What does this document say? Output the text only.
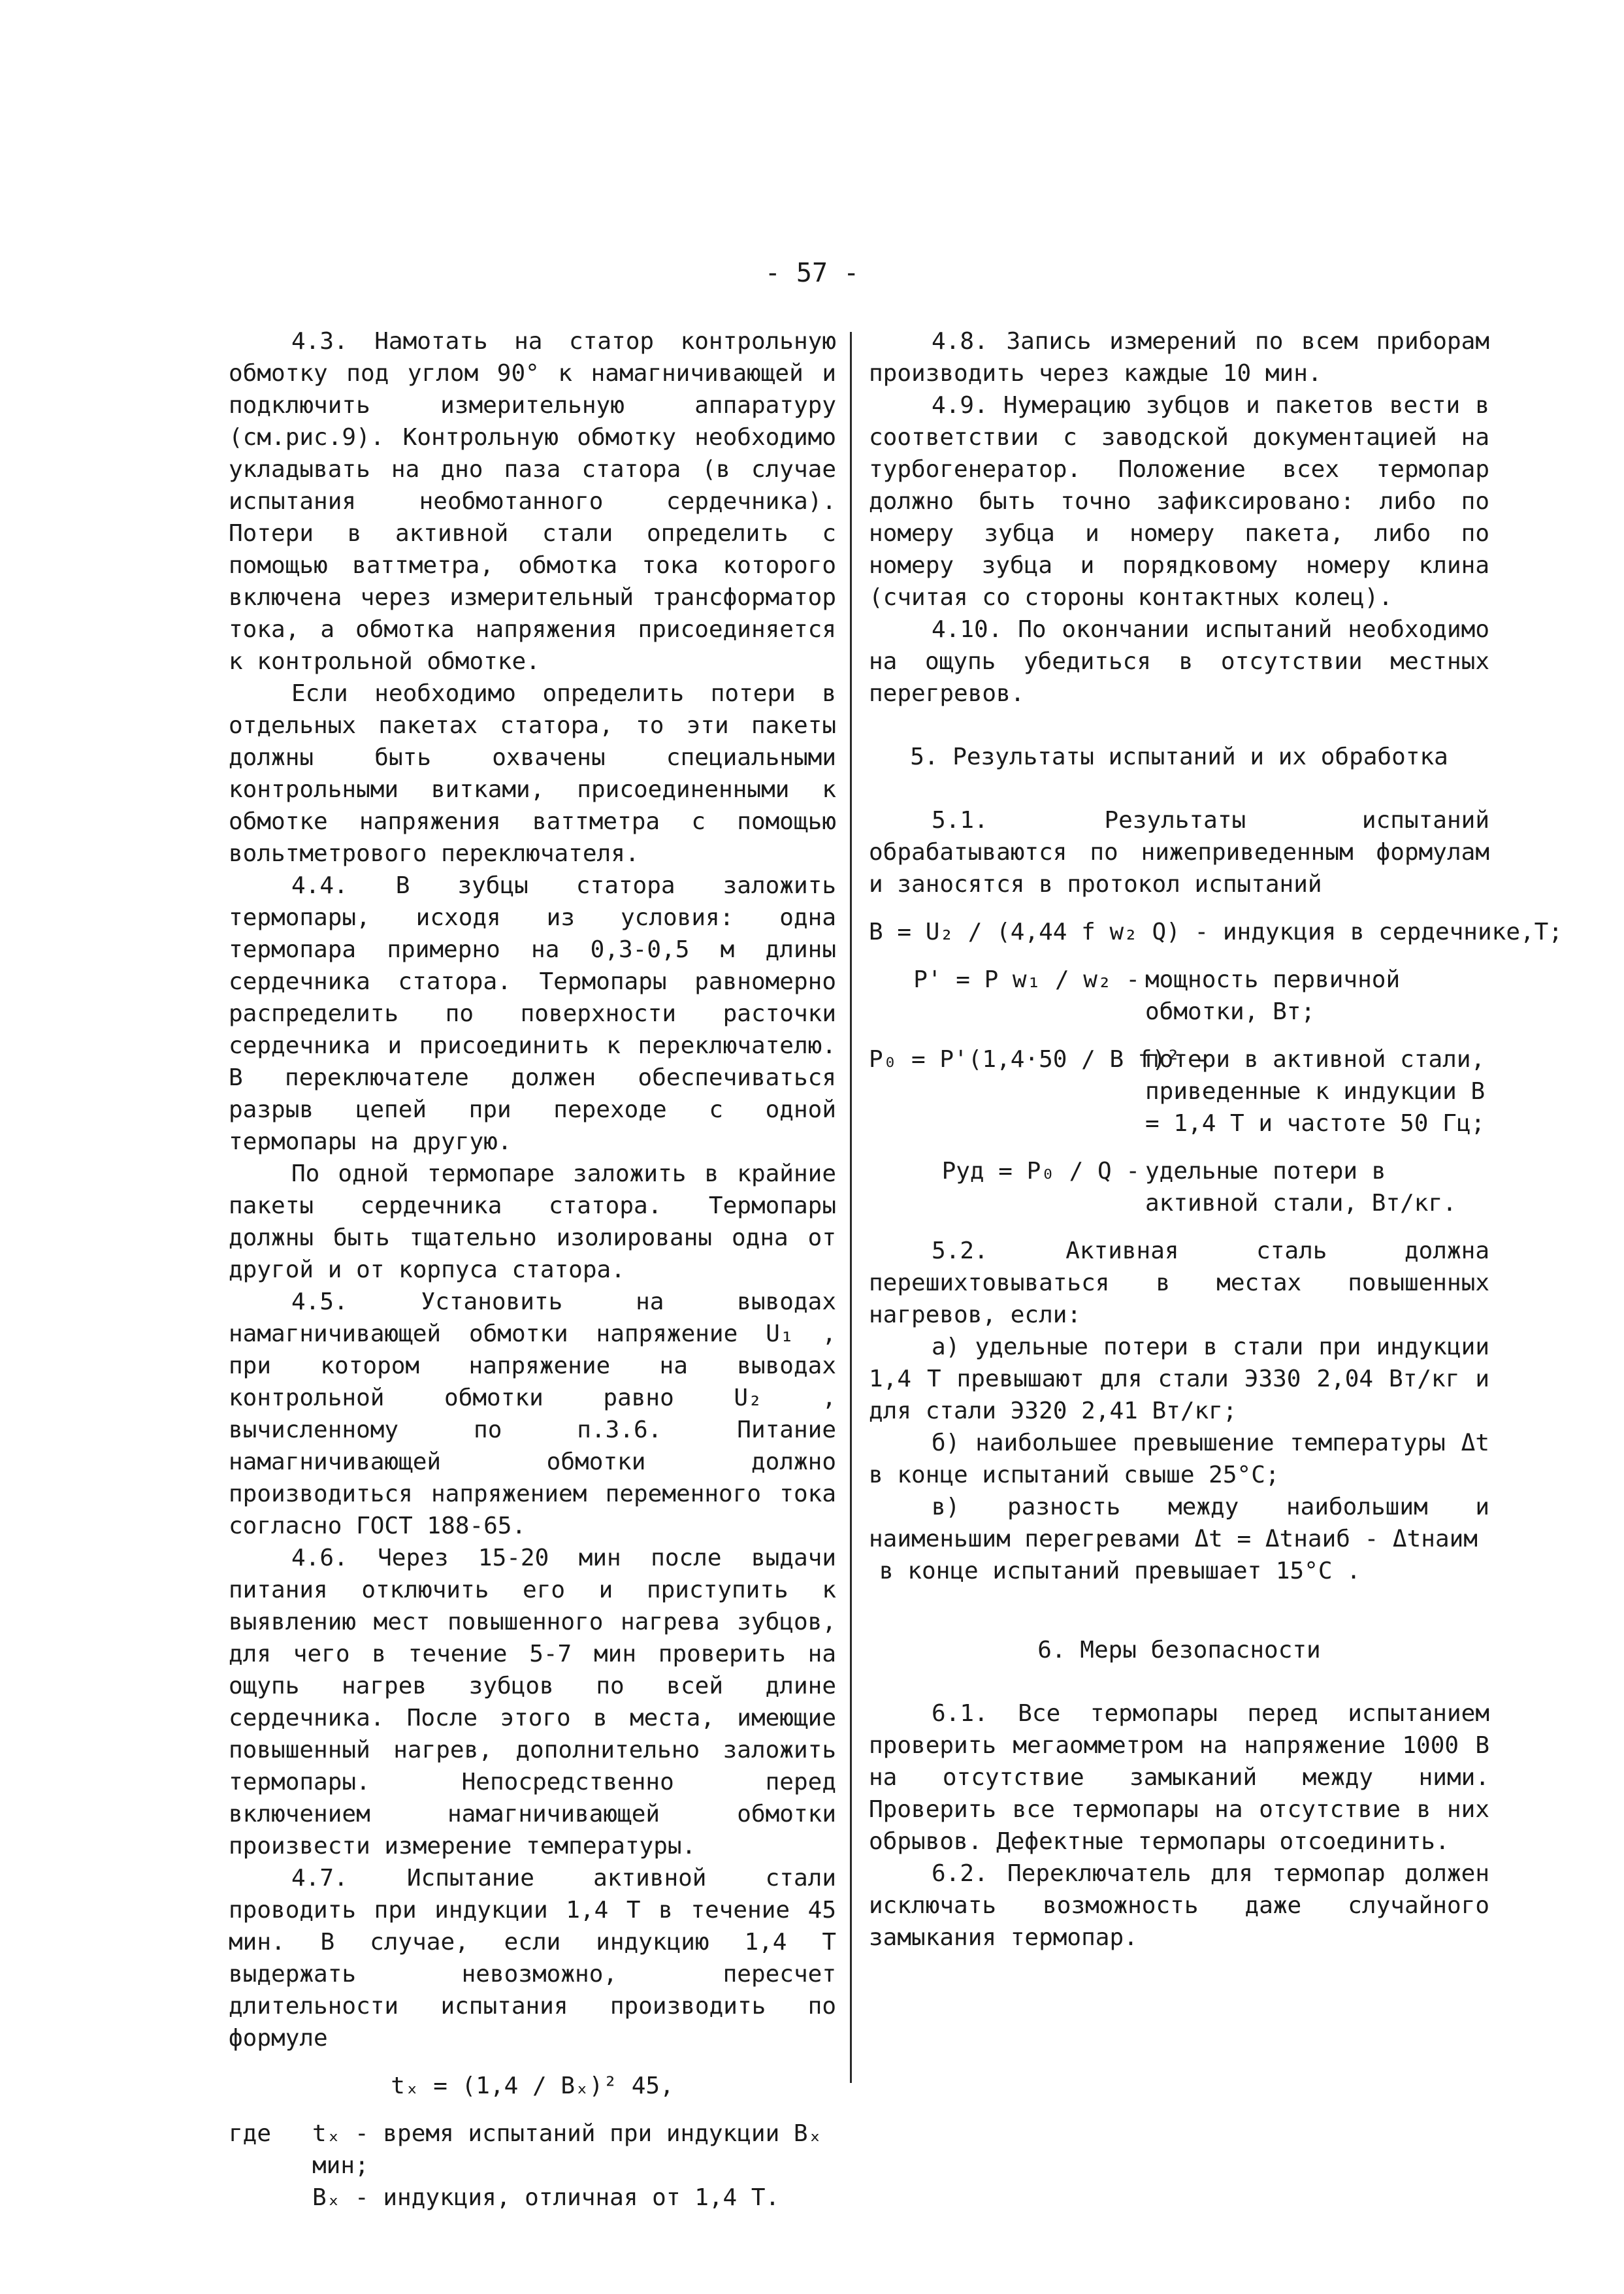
- 57 -

4.3. Намотать на статор контрольную обмотку под углом 90° к намагничивающей и подключить измерительную аппаратуру (см.рис.9). Контрольную обмотку необходимо укладывать на дно паза статора (в случае испытания необмотанного сердечника). Потери в активной стали определить с помощью ваттметра, обмотка тока которого включена через измерительный трансформатор тока, а обмотка напряжения присоединяется к контрольной обмотке.

Если необходимо определить потери в отдельных пакетах статора, то эти пакеты должны быть охвачены специальными контрольными витками, присоединенными к обмотке напряжения ваттметра с помощью вольтметрового переключателя.

4.4. В зубцы статора заложить термопары, исходя из условия: одна термопара примерно на 0,3-0,5 м длины сердечника статора. Термопары равномерно распределить по поверхности расточки сердечника и присоединить к переключателю. В переключателе должен обеспечиваться разрыв цепей при переходе с одной термопары на другую.

По одной термопаре заложить в крайние пакеты сердечника статора. Термопары должны быть тщательно изолированы одна от другой и от корпуса статора.

4.5. Установить на выводах намагничивающей обмотки напряжение U₁ , при котором напряжение на выводах контрольной обмотки равно U₂ , вычисленному по п.3.6. Питание намагничивающей обмотки должно производиться напряжением переменного тока согласно ГОСТ 188-65.

4.6. Через 15-20 мин после выдачи питания отключить его и приступить к выявлению мест повышенного нагрева зубцов, для чего в течение 5-7 мин проверить на ощупь нагрев зубцов по всей длине сердечника. После этого в места, имеющие повышенный нагрев, дополнительно заложить термопары. Непосредственно перед включением намагничивающей обмотки произвести измерение температуры.

4.7. Испытание активной стали проводить при индукции 1,4 Т в течение 45 мин. В случае, если индукцию 1,4 Т выдержать невозможно, пересчет длительности испытания производить по формуле

tₓ = (1,4 / Bₓ)² 45,

где	tₓ - время испытаний при индукции Bₓ мин;
Bₓ - индукция, отличная от 1,4 Т.

4.8. Запись измерений по всем приборам производить через каждые 10 мин.

4.9. Нумерацию зубцов и пакетов вести в соответствии с заводской документацией на турбогенератор. Положение всех термопар должно быть точно зафиксировано: либо по номеру зубца и номеру пакета, либо по номеру зубца и порядковому номеру клина (считая со стороны контактных колец).

4.10. По окончании испытаний необходимо на ощупь убедиться в отсутствии местных перегревов.

5. Результаты испытаний и их обработка

5.1. Результаты испытаний обрабатываются по нижеприведенным формулам и заносятся в протокол испытаний

B = U₂ / (4,44 f w₂ Q) - индукция в сердечнике,Т;

P' = P w₁ / w₂ - мощность первичной обмотки, Вт;
P₀ = P'(1,4·50 / B f)² -
потери в активной стали, приведенные к индукции B = 1,4 Т и частоте 50 Гц;
Pуд = P₀ / Q - удельные потери в активной стали, Вт/кг.

5.2. Активная сталь должна перешихтовываться в местах повышенных нагревов, если:

а) удельные потери в стали при индукции 1,4 Т превышают для стали Э330 2,04 Вт/кг и для стали Э320 2,41 Вт/кг;

б) наибольшее превышение температуры Δt в конце испытаний свыше 25°С;

в) разность между наибольшим и наименьшим перегревами Δt = Δtнаиб - Δtнаим

в конце испытаний превышает 15°С .

6. Меры безопасности

6.1. Все термопары перед испытанием проверить мегаомметром на напряжение 1000 В на отсутствие замыканий между ними. Проверить все термопары на отсутствие в них обрывов. Дефектные термопары отсоединить.

6.2. Переключатель для термопар должен исключать возможность даже случайного замыкания термопар.
